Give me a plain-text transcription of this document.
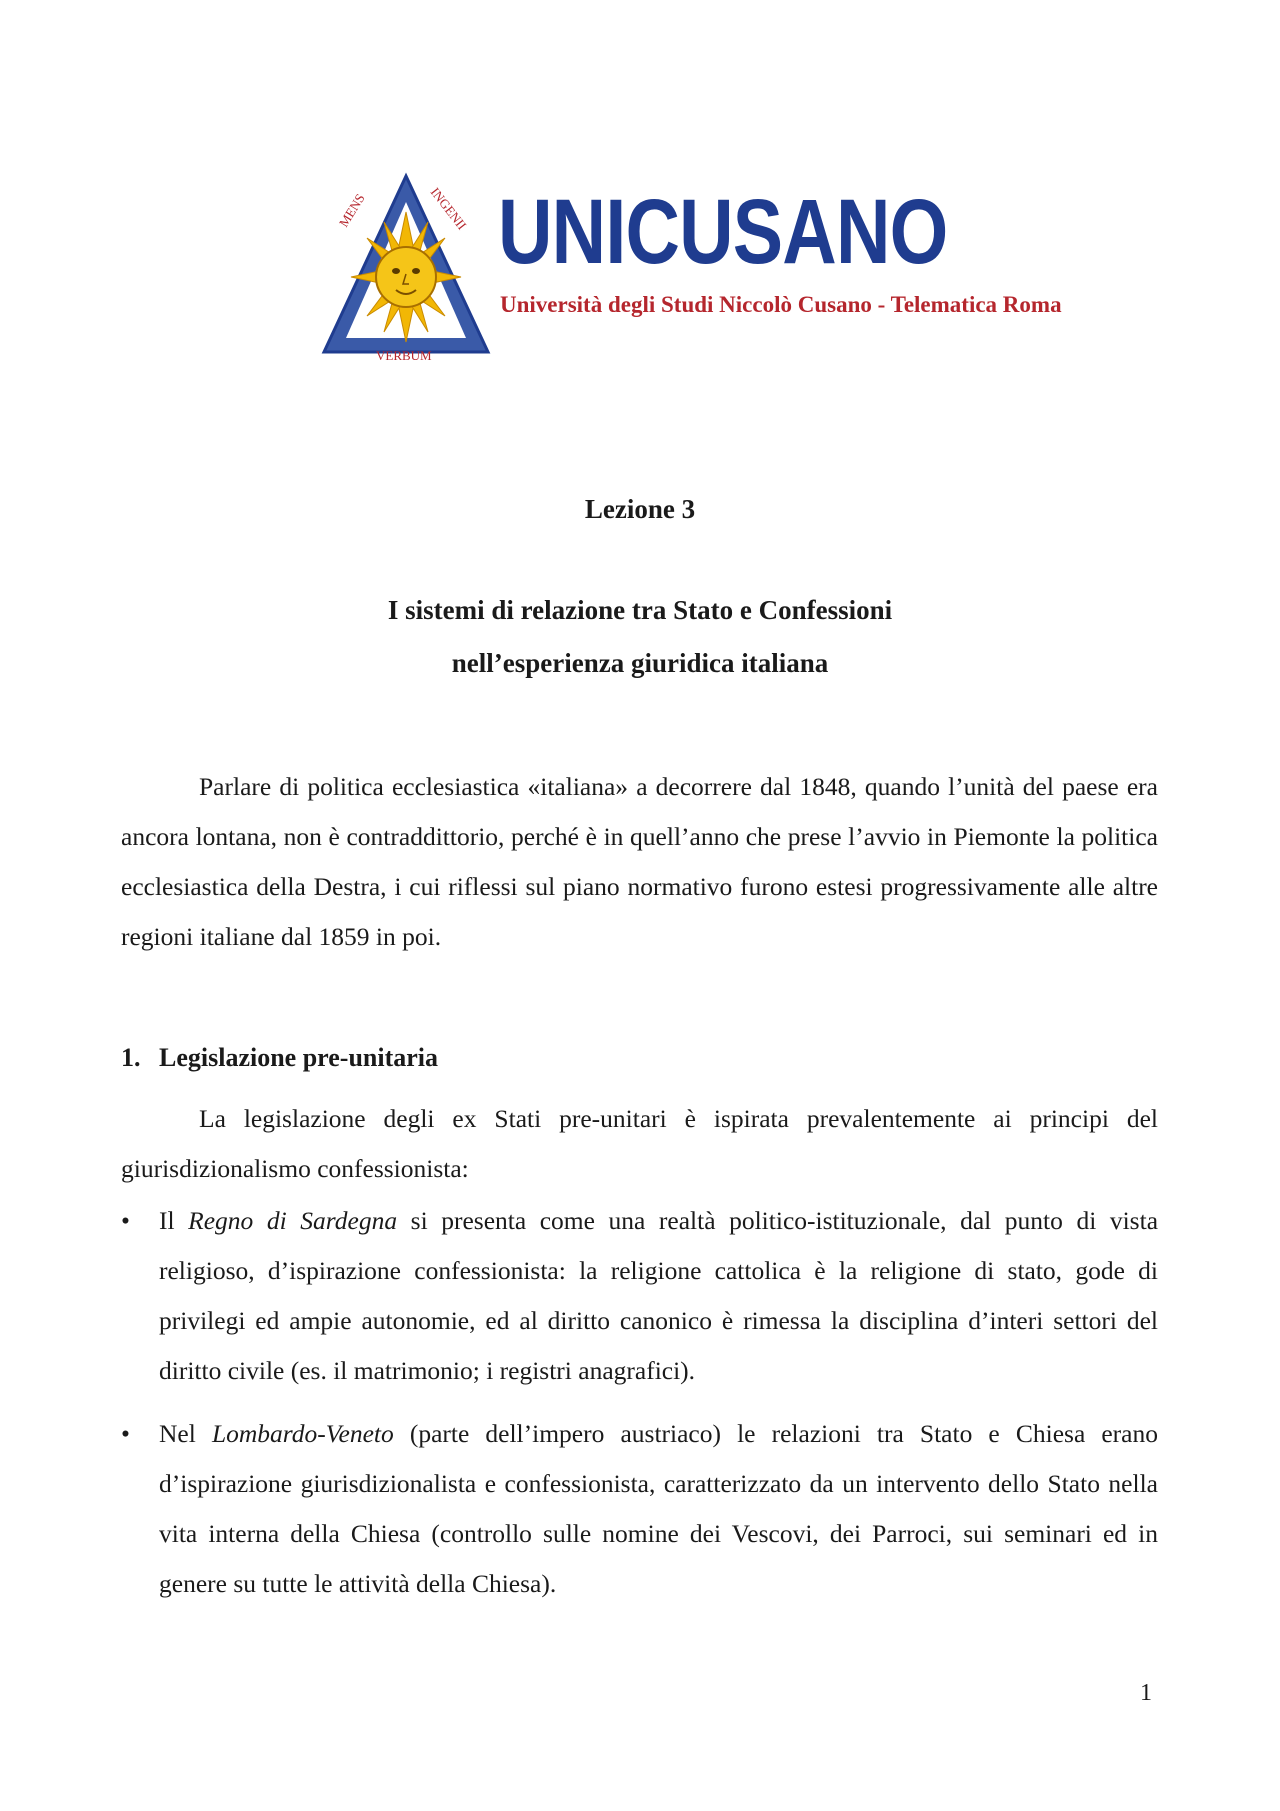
MENS	INGENII
VERBUM
UNICUSANO
Università degli Studi Niccolò Cusano - Telematica Roma
Lezione 3
I sistemi di relazione tra Stato e Confessioni
nell’esperienza giuridica italiana
Parlare di politica ecclesiastica «italiana» a decorrere dal 1848, quando l’unità del paese era ancora lontana, non è contraddittorio, perché è in quell’anno che prese l’avvio in Piemonte la politica ecclesiastica della Destra, i cui riflessi sul piano normativo furono estesi progressivamente alle altre regioni italiane dal 1859 in poi.
1. Legislazione pre-unitaria
La legislazione degli ex Stati pre-unitari è ispirata prevalentemente ai principi del giurisdizionalismo confessionista:
• Il Regno di Sardegna si presenta come una realtà politico-istituzionale, dal punto di vista religioso, d’ispirazione confessionista: la religione cattolica è la religione di stato, gode di privilegi ed ampie autonomie, ed al diritto canonico è rimessa la disciplina d’interi settori del diritto civile (es. il matrimonio; i registri anagrafici).
• Nel Lombardo-Veneto (parte dell’impero austriaco) le relazioni tra Stato e Chiesa erano d’ispirazione giurisdizionalista e confessionista, caratterizzato da un intervento dello Stato nella vita interna della Chiesa (controllo sulle nomine dei Vescovi, dei Parroci, sui seminari ed in genere su tutte le attività della Chiesa).
1
